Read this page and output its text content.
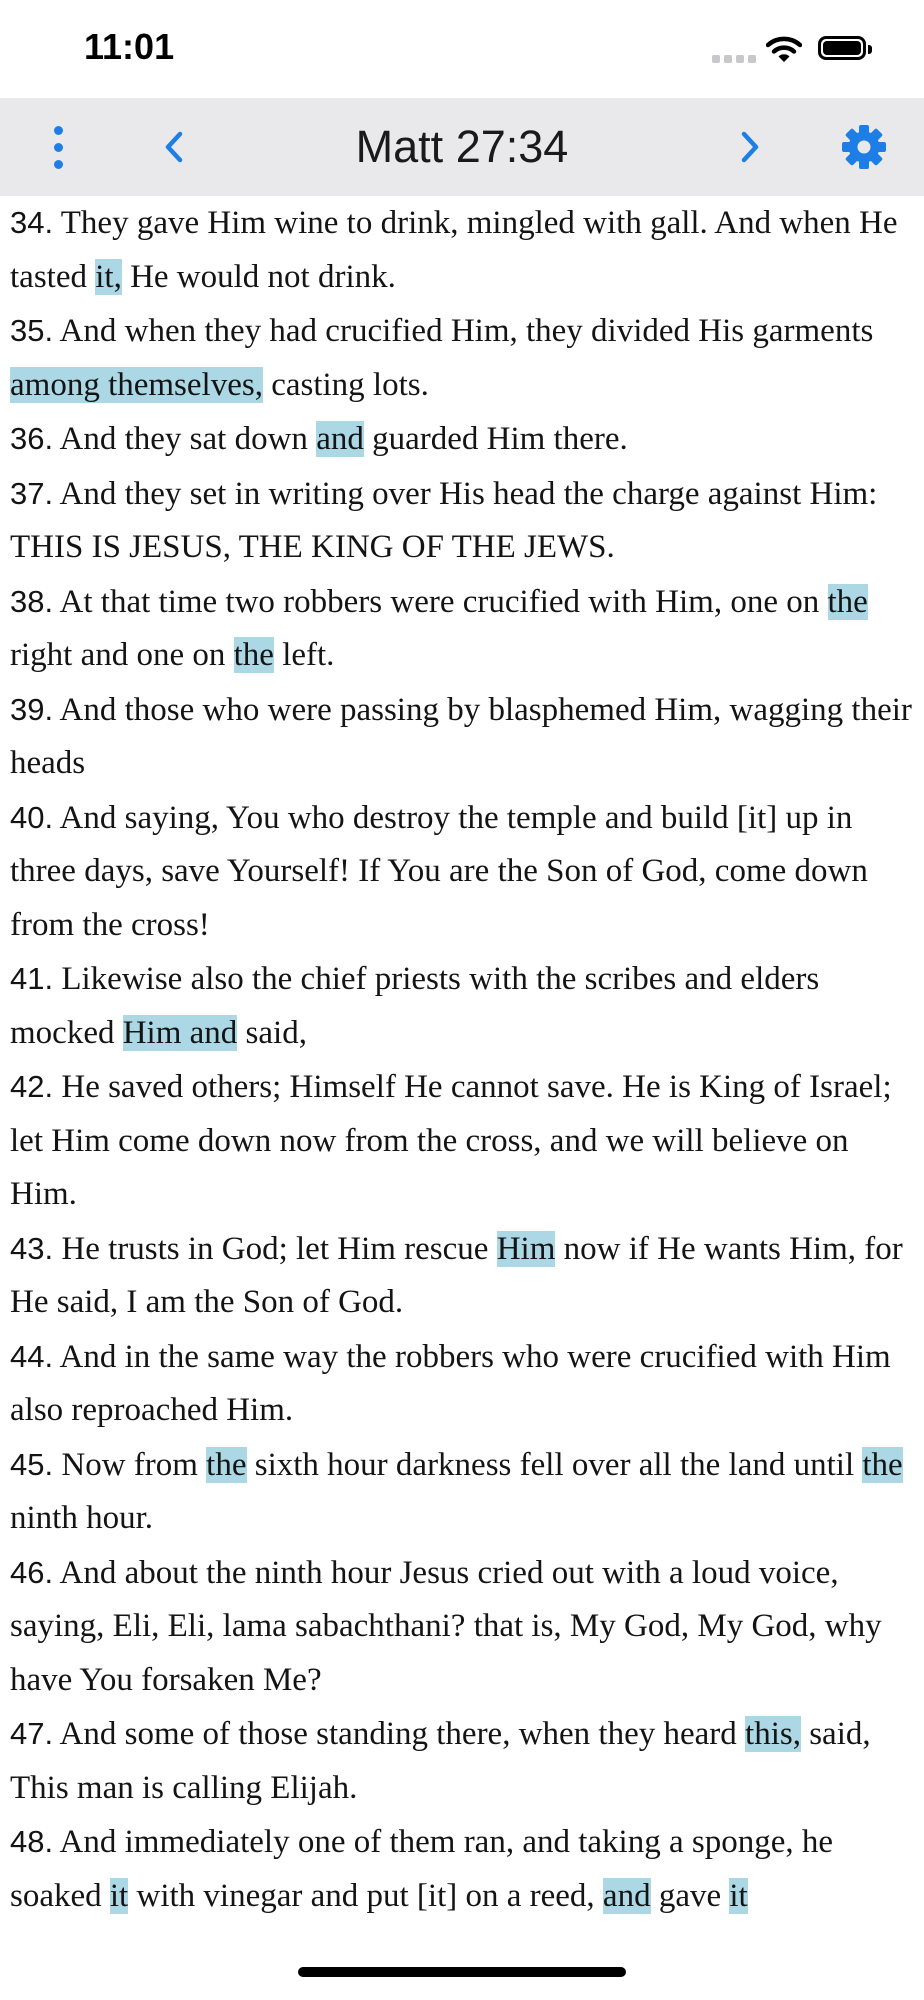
11:01
Matt 27:34

34. They gave Him wine to drink, mingled with gall. And when He tasted it, He would not drink.

35. And when they had crucified Him, they divided His garments among themselves, casting lots.

36. And they sat down and guarded Him there.

37. And they set in writing over His head the charge against Him: THIS IS JESUS, THE KING OF THE JEWS.

38. At that time two robbers were crucified with Him, one on the right and one on the left.

39. And those who were passing by blasphemed Him, wagging their heads

40. And saying, You who destroy the temple and build [it] up in three days, save Yourself! If You are the Son of God, come down from the cross!

41. Likewise also the chief priests with the scribes and elders mocked Him and said,

42. He saved others; Himself He cannot save. He is King of Israel; let Him come down now from the cross, and we will believe on Him.

43. He trusts in God; let Him rescue Him now if He wants Him, for He said, I am the Son of God.

44. And in the same way the robbers who were crucified with Him also reproached Him.

45. Now from the sixth hour darkness fell over all the land until the ninth hour.

46. And about the ninth hour Jesus cried out with a loud voice, saying, Eli, Eli, lama sabachthani? that is, My God, My God, why have You forsaken Me?

47. And some of those standing there, when they heard this, said, This man is calling Elijah.

48. And immediately one of them ran, and taking a sponge, he soaked it with vinegar and put [it] on a reed, and gave it
